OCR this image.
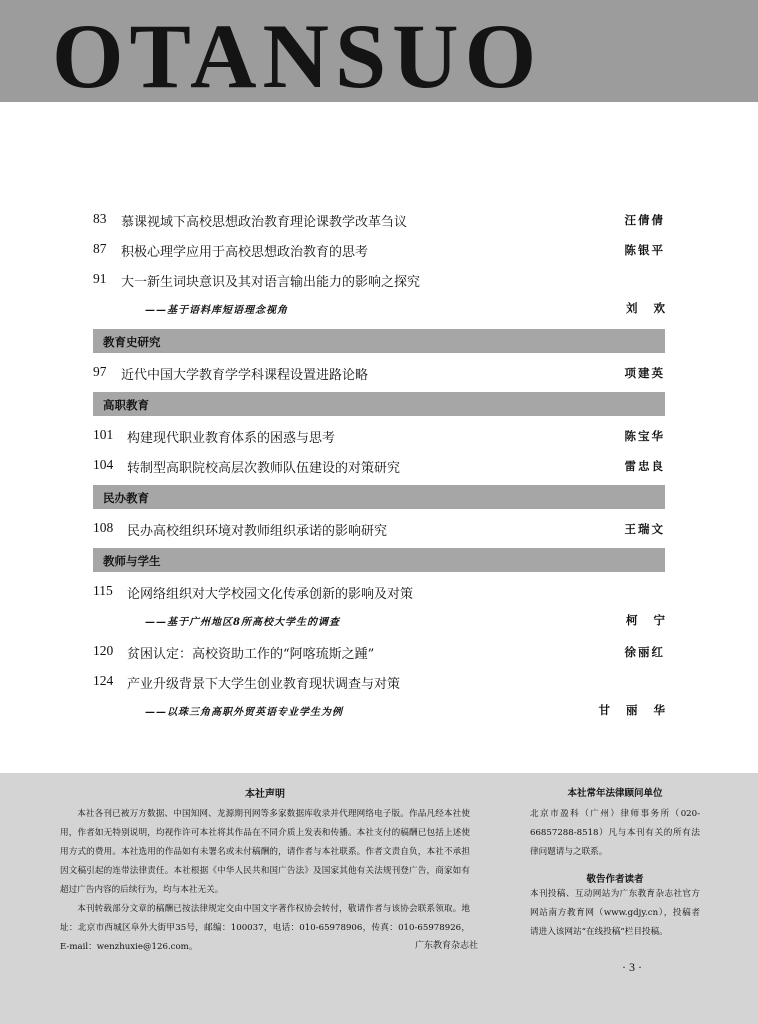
OTANSUO
83 慕课视域下高校思想政治教育理论课教学改革刍议	汪倩倩
87 积极心理学应用于高校思想政治教育的思考	陈银平
91 大一新生词块意识及其对语言输出能力的影响之探究
——基于语料库短语理念视角	刘欢
教育史研究
97 近代中国大学教育学学科课程设置进路论略	项建英
高职教育
101 构建现代职业教育体系的困惑与思考	陈宝华
104 转制型高职院校高层次教师队伍建设的对策研究	雷忠良
民办教育
108 民办高校组织环境对教师组织承诺的影响研究	王瑞文
教师与学生
115 论网络组织对大学校园文化传承创新的影响及对策
——基于广州地区8所高校大学生的调查	柯宁
120 贫困认定：高校资助工作的“阿喀琉斯之踵”	徐丽红
124 产业升级背景下大学生创业教育现状调查与对策
——以珠三角高职外贸英语专业学生为例	甘丽华
本社声明

本社各刊已被万方数据、中国知网、龙源期刊网等多家数据库收录并代理网络电子版。作品凡经本社使用，作者如无特别说明，均视作许可本社将其作品在不同介质上发表和传播。本社支付的稿酬已包括上述使用方式的费用。本社选用的作品如有未署名或未付稿酬的，请作者与本社联系。作者文责自负，本社不承担因文稿引起的连带法律责任。本社根据《中华人民共和国广告法》及国家其他有关法规刊登广告，商家如有超过广告内容的后续行为，均与本社无关。

本刊转载部分文章的稿酬已按法律规定交由中国文字著作权协会转付，敬请作者与该协会联系领取。地址：北京市西城区阜外大街甲35号，邮编：100037，电话：010-65978906，传真：010-65978926，E-mail：wenzhuxie@126.com。	广东教育杂志社
本社常年法律顾问单位
北京市盈科（广州）律师事务所（020-66857288-8518）凡与本刊有关的所有法律问题请与之联系。
敬告作者读者
本刊投稿、互动网站为广东教育杂志社官方网站南方教育网（www.gdjy.cn），投稿者请进入该网站“在线投稿”栏目投稿。
· 3 ·
